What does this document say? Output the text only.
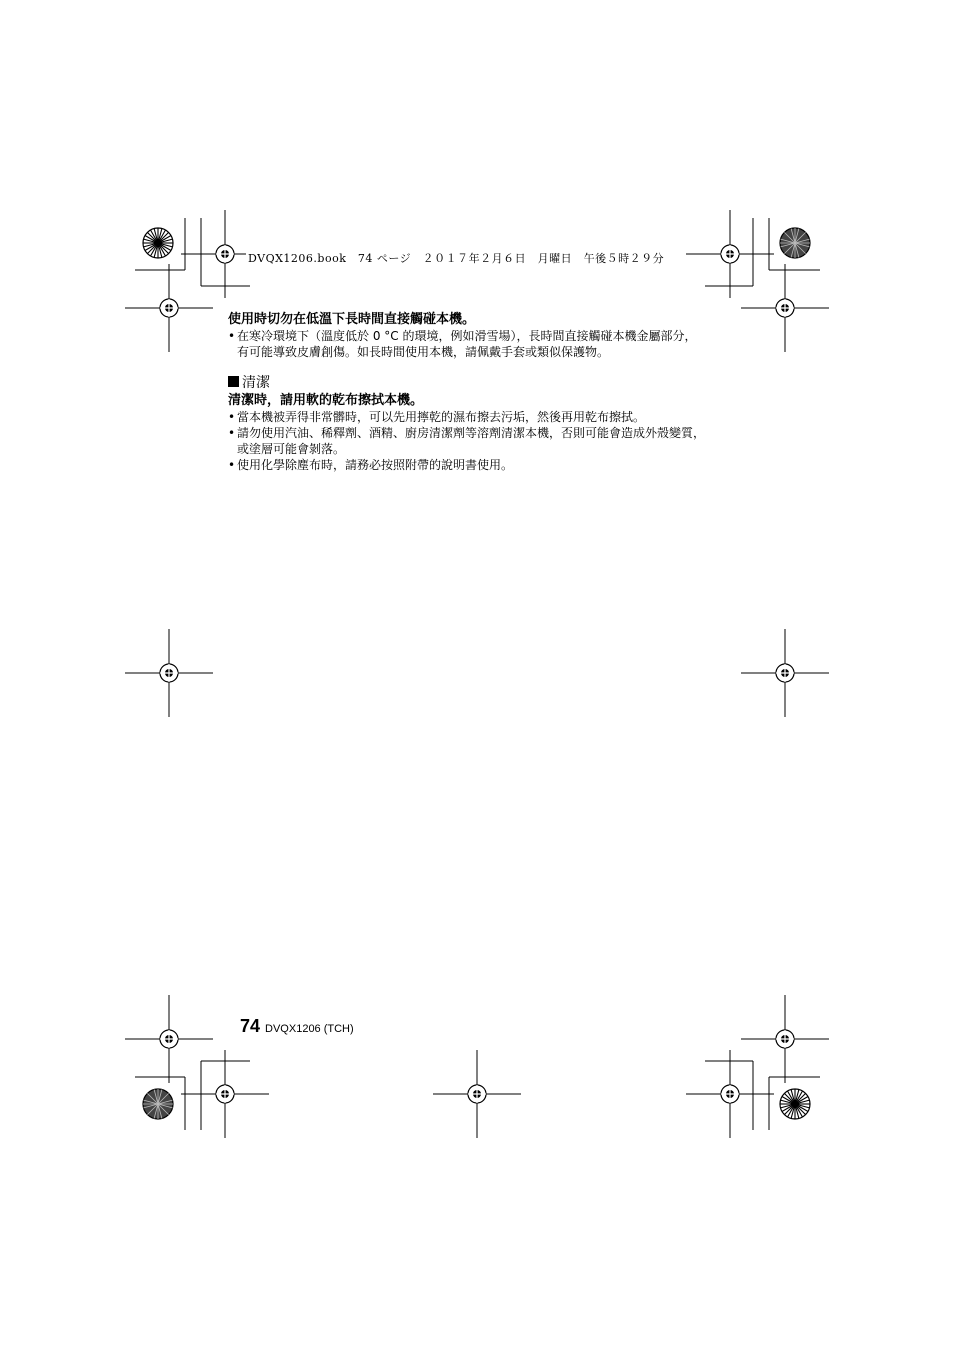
DVQX1206.book　74 ページ　２０１７年２月６日　月曜日　午後５時２９分
使用時切勿在低溫下長時間直接觸碰本機。
• 在寒冷環境下（溫度低於 0 °C 的環境，例如滑雪場），長時間直接觸碰本機金屬部分，有可能導致皮膚創傷。如長時間使用本機，請佩戴手套或類似保護物。
清潔
清潔時，請用軟的乾布擦拭本機。
• 當本機被弄得非常髒時，可以先用擰乾的濕布擦去污垢，然後再用乾布擦拭。
• 請勿使用汽油、稀釋劑、酒精、廚房清潔劑等溶劑清潔本機，否則可能會造成外殼變質，或塗層可能會剝落。
• 使用化學除塵布時，請務必按照附帶的說明書使用。
74 DVQX1206 (TCH)
